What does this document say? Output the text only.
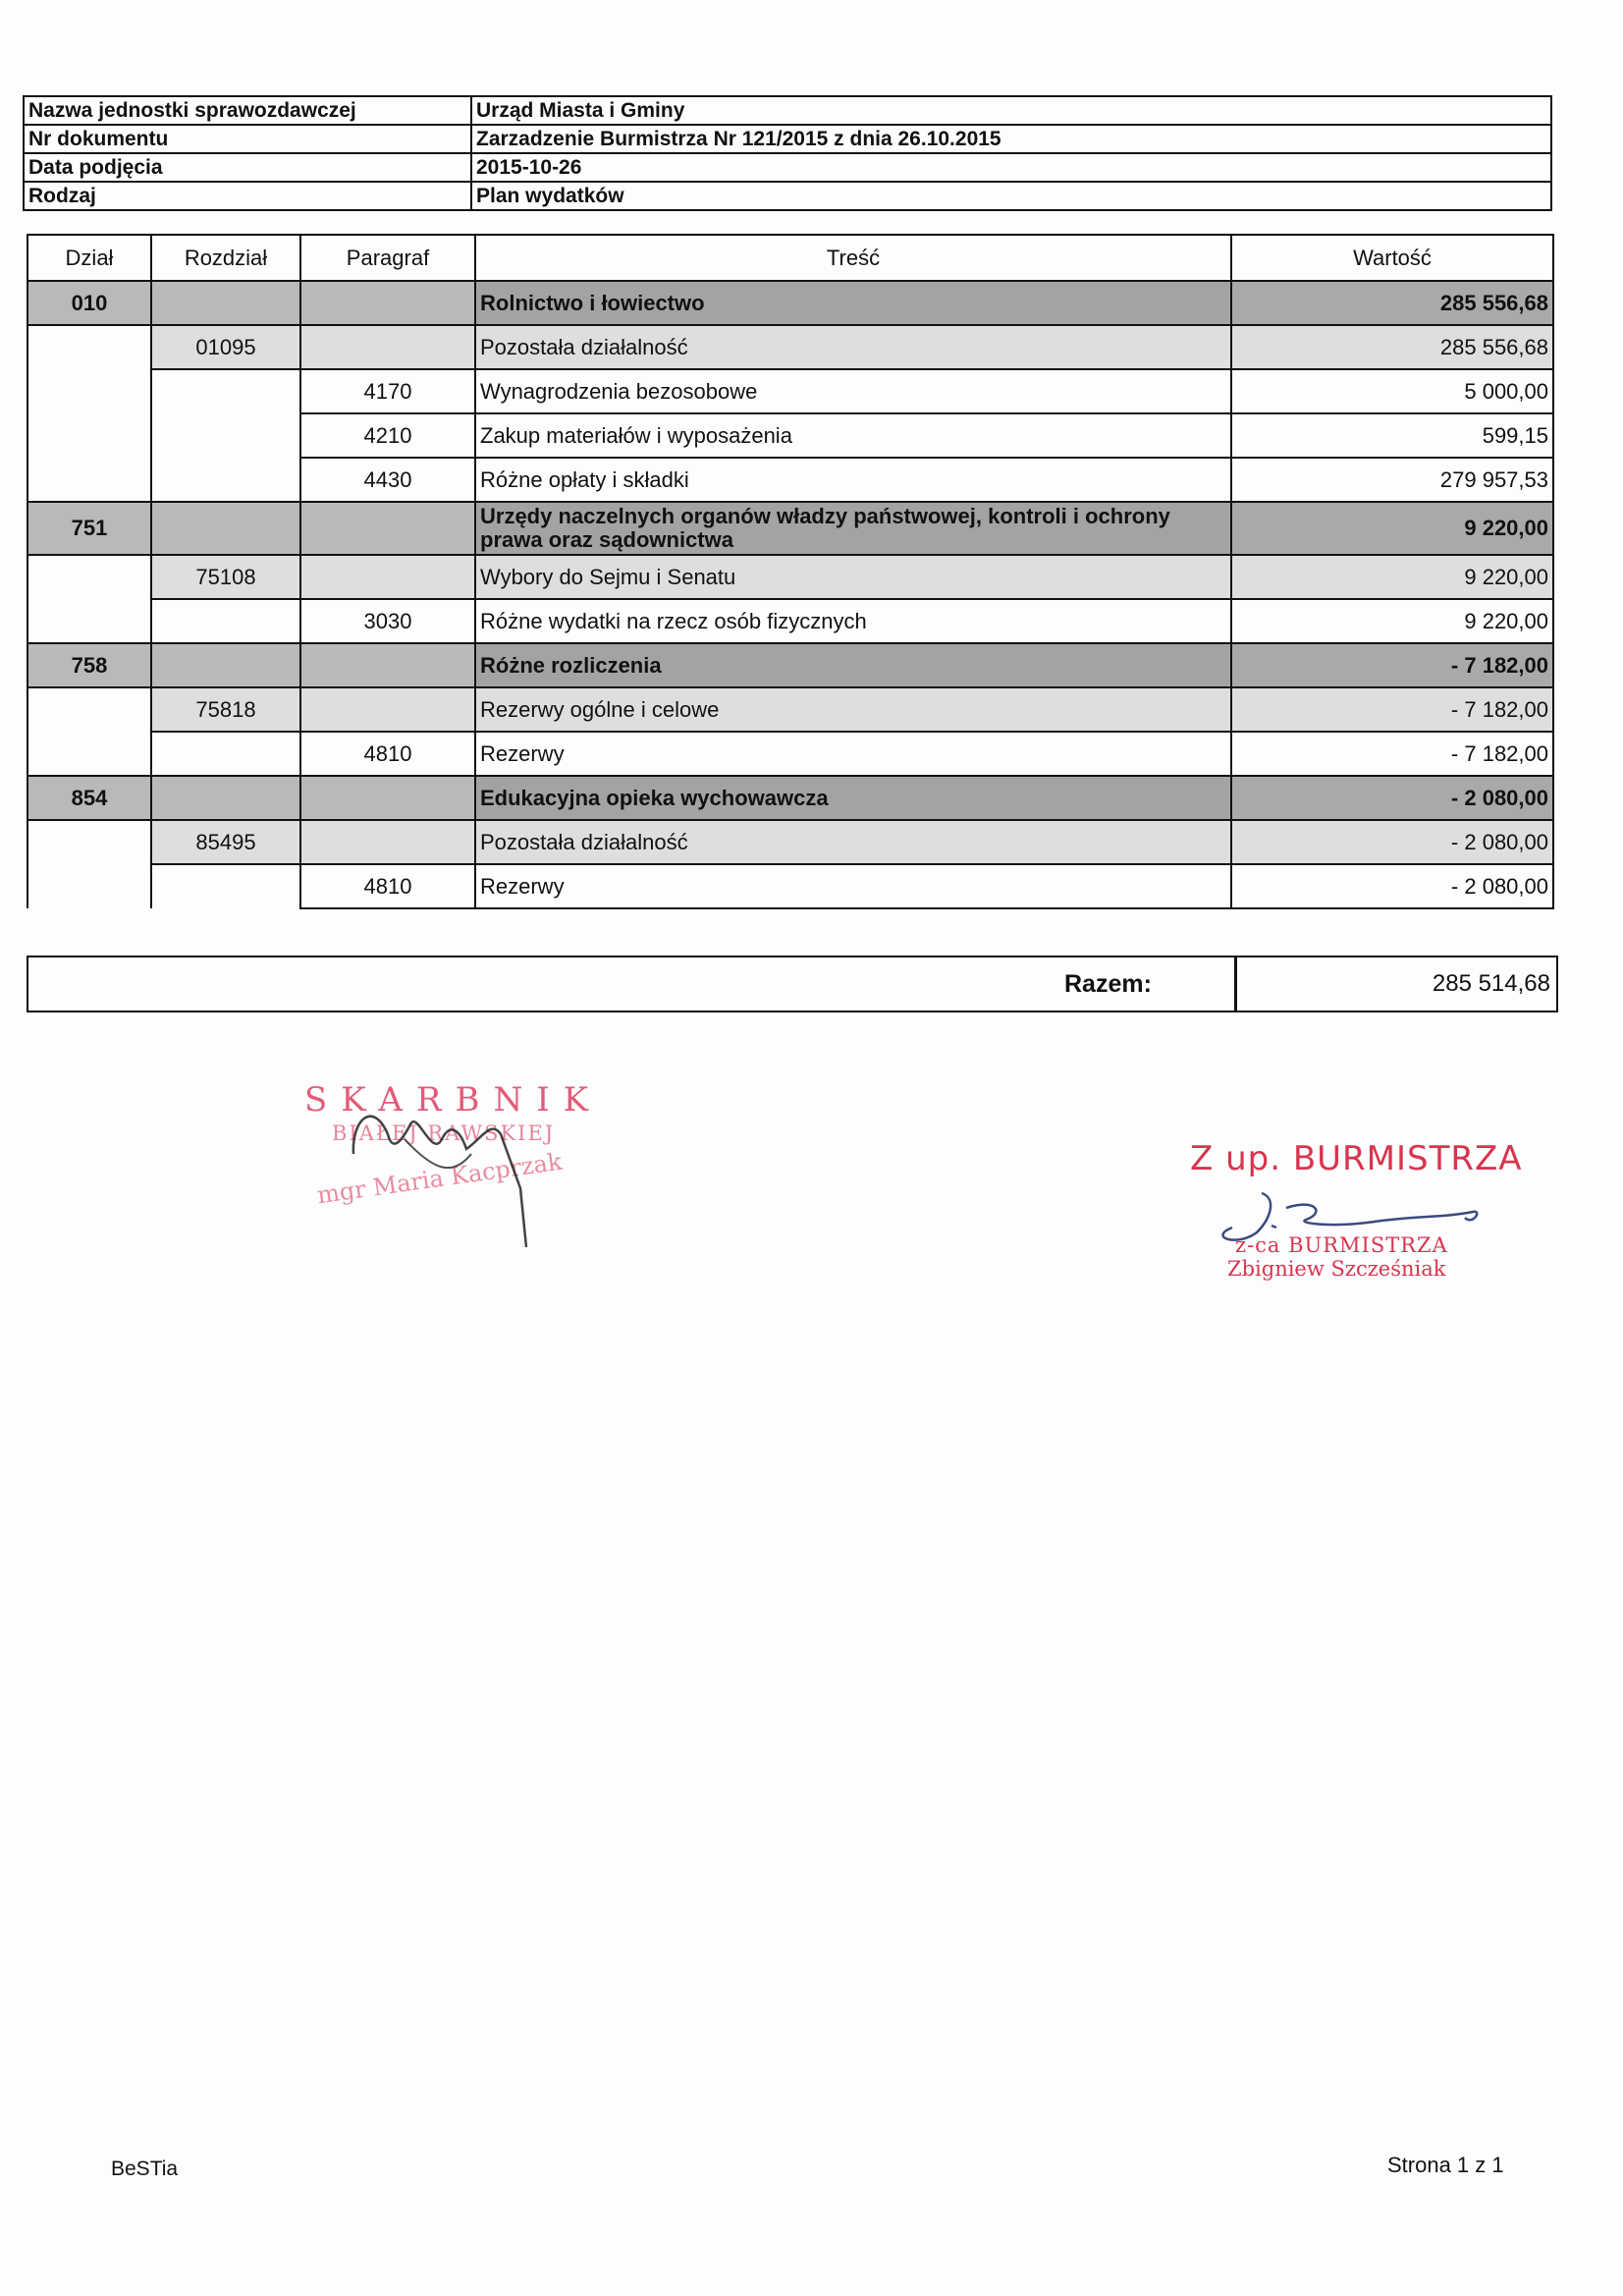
Nazwa jednostki sprawozdawczej	Urząd Miasta i Gminy
Nr dokumentu	Zarzadzenie Burmistrza Nr 121/2015 z dnia 26.10.2015
Data podjęcia	2015-10-26
Rodzaj	Plan wydatków
Dział	Rozdział	Paragraf	Treść	Wartość
010			Rolnictwo i łowiectwo	285 556,68
	01095		Pozostała działalność	285 556,68
		4170	Wynagrodzenia bezosobowe	5 000,00
		4210	Zakup materiałów i wyposażenia	599,15
		4430	Różne opłaty i składki	279 957,53
751			Urzędy naczelnych organów władzy państwowej, kontroli i ochrony prawa oraz sądownictwa	9 220,00
	75108		Wybory do Sejmu i Senatu	9 220,00
		3030	Różne wydatki na rzecz osób fizycznych	9 220,00
758			Różne rozliczenia	- 7 182,00
	75818		Rezerwy ogólne i celowe	- 7 182,00
		4810	Rezerwy	- 7 182,00
854			Edukacyjna opieka wychowawcza	- 2 080,00
	85495		Pozostała działalność	- 2 080,00
		4810	Rezerwy	- 2 080,00
Razem:	285 514,68
SKARBNIK
BIAŁEJ RAWSKIEJ
mgr Maria Kacprzak	Z up. BURMISTRZA
z-ca BURMISTRZA
Zbigniew Szcześniak
BeSTia	Strona 1 z 1
